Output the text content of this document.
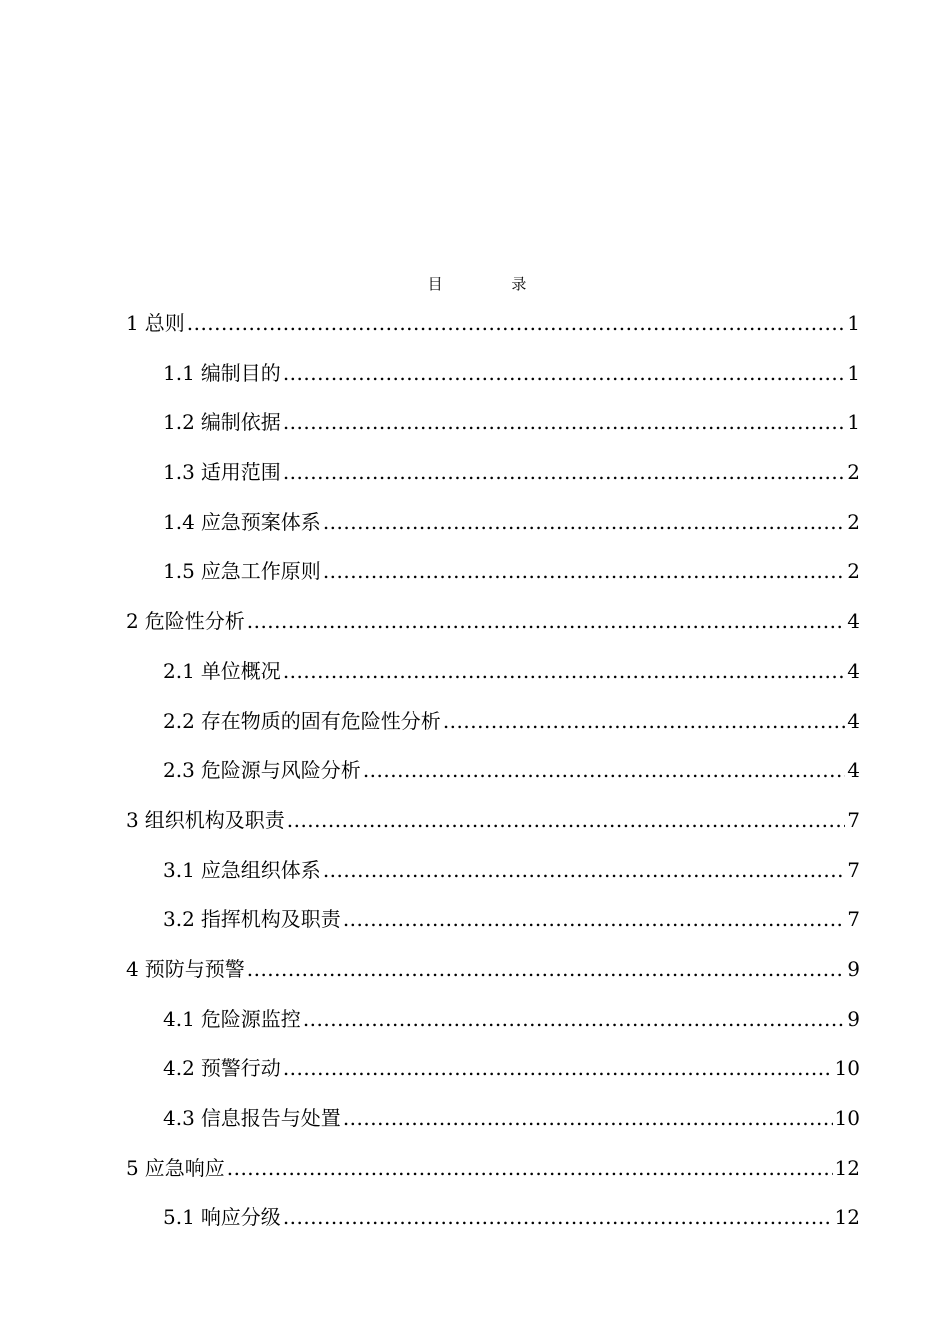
目 录
1 总则 .....	1
1.1 编制目的 .....	1
1.2 编制依据 .....	1
1.3 适用范围 .....	2
1.4 应急预案体系 .....	2
1.5 应急工作原则 .....	2
2 危险性分析 .....	4
2.1 单位概况 .....	4
2.2 存在物质的固有危险性分析 .....	4
2.3 危险源与风险分析 .....	4
3 组织机构及职责 .....	7
3.1 应急组织体系 .....	7
3.2 指挥机构及职责 .....	7
4 预防与预警 .....	9
4.1 危险源监控 .....	9
4.2 预警行动 .....	10
4.3 信息报告与处置 .....	10
5 应急响应 .....	12
5.1 响应分级 .....	12
